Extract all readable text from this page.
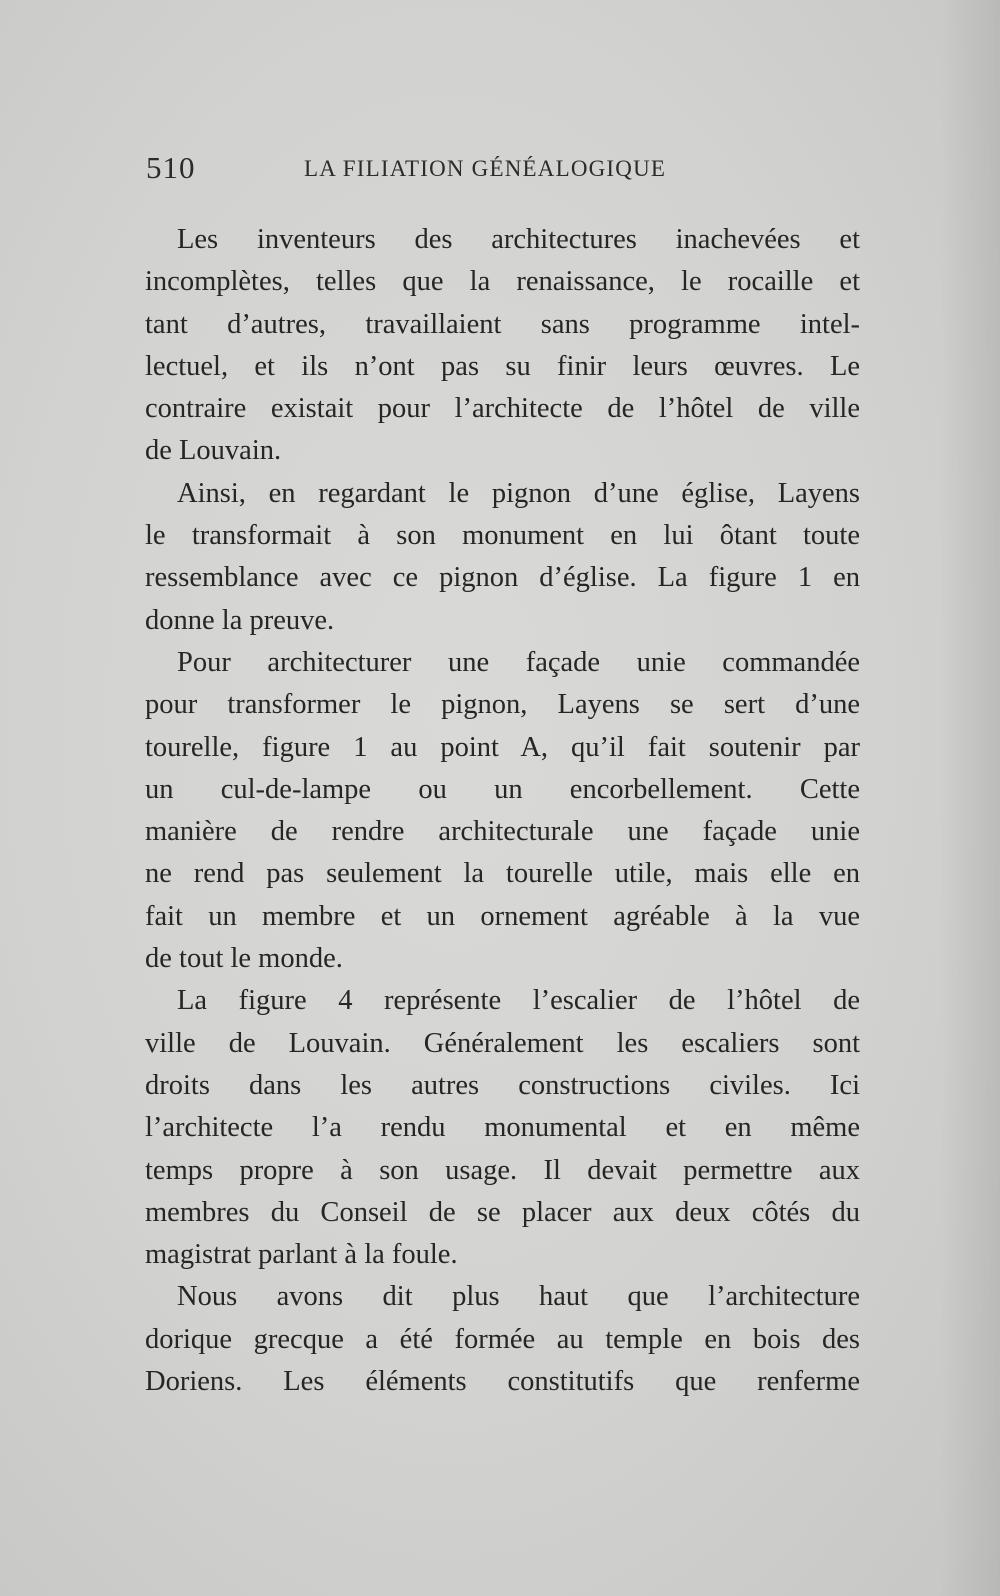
510	LA FILIATION GÉNÉALOGIQUE
Les inventeurs des architectures inachevées et
incomplètes, telles que la renaissance, le rocaille et
tant d’autres, travaillaient sans programme intel-
lectuel, et ils n’ont pas su finir leurs œuvres. Le
contraire existait pour l’architecte de l’hôtel de ville
de Louvain.
Ainsi, en regardant le pignon d’une église, Layens
le transformait à son monument en lui ôtant toute
ressemblance avec ce pignon d’église. La figure 1 en
donne la preuve.
Pour architecturer une façade unie commandée
pour transformer le pignon, Layens se sert d’une
tourelle, figure 1 au point A, qu’il fait soutenir par
un cul-de-lampe ou un encorbellement. Cette
manière de rendre architecturale une façade unie
ne rend pas seulement la tourelle utile, mais elle en
fait un membre et un ornement agréable à la vue
de tout le monde.
La figure 4 représente l’escalier de l’hôtel de
ville de Louvain. Généralement les escaliers sont
droits dans les autres constructions civiles. Ici
l’architecte l’a rendu monumental et en même
temps propre à son usage. Il devait permettre aux
membres du Conseil de se placer aux deux côtés du
magistrat parlant à la foule.
Nous avons dit plus haut que l’architecture
dorique grecque a été formée au temple en bois des
Doriens. Les éléments constitutifs que renferme
